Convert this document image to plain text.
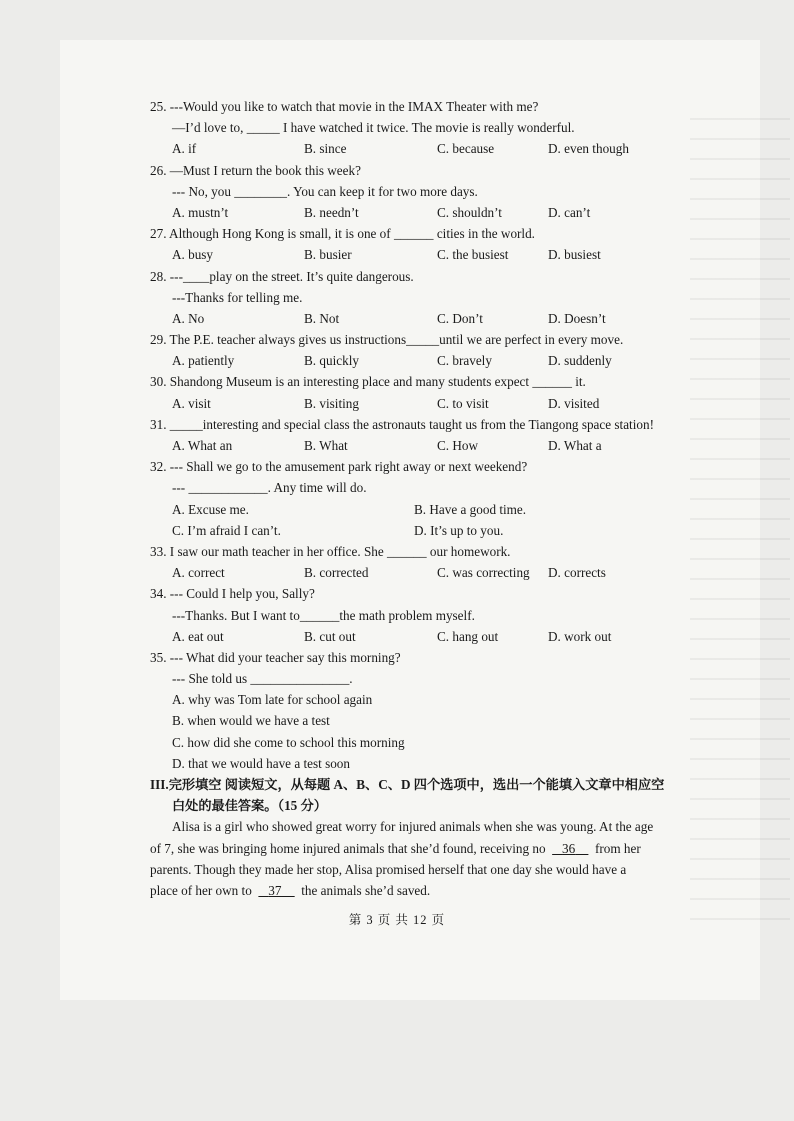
25. ---Would you like to watch that movie in the IMAX Theater with me?
—I’d love to, _____ I have watched it twice. The movie is really wonderful.
A. if	B. since	C. because	D. even though
26. —Must I return the book this week?
--- No, you ________. You can keep it for two more days.
A. mustn’t	B. needn’t	C. shouldn’t	D. can’t
27. Although Hong Kong is small, it is one of ______ cities in the world.
A. busy	B. busier	C. the busiest	D. busiest
28. ---____play on the street. It’s quite dangerous.
---Thanks for telling me.
A. No	B. Not	C. Don’t	D. Doesn’t
29. The P.E. teacher always gives us instructions_____until we are perfect in every move.
A. patiently	B. quickly	C. bravely	D. suddenly
30. Shandong Museum is an interesting place and many students expect ______ it.
A. visit	B. visiting	C. to visit	D. visited
31. _____interesting and special class the astronauts taught us from the Tiangong space station!
A. What an	B. What	C. How	D. What a
32. --- Shall we go to the amusement park right away or next weekend?
--- ____________. Any time will do.
A. Excuse me.	B. Have a good time.
C. I’m afraid I can’t.	D. It’s up to you.
33. I saw our math teacher in her office. She ______ our homework.
A. correct	B. corrected	C. was correcting	D. corrects
34. --- Could I help you, Sally?
---Thanks. But I want to______the math problem myself.
A. eat out	B. cut out	C. hang out	D. work out
35. --- What did your teacher say this morning?
--- She told us _______________.
A. why was Tom late for school again
B. when would we have a test
C. how did she come to school this morning
D. that we would have a test soon
III.完形填空 阅读短文，从每题 A、B、C、D 四个选项中，选出一个能填入文章中相应空
白处的最佳答案。（15 分）
Alisa is a girl who showed great worry for injured animals when she was young. At the age
of 7, she was bringing home injured animals that she’d found, receiving no 36 from her
parents. Though they made her stop, Alisa promised herself that one day she would have a
place of her own to 37 the animals she’d saved.
第 3 页 共 12 页
